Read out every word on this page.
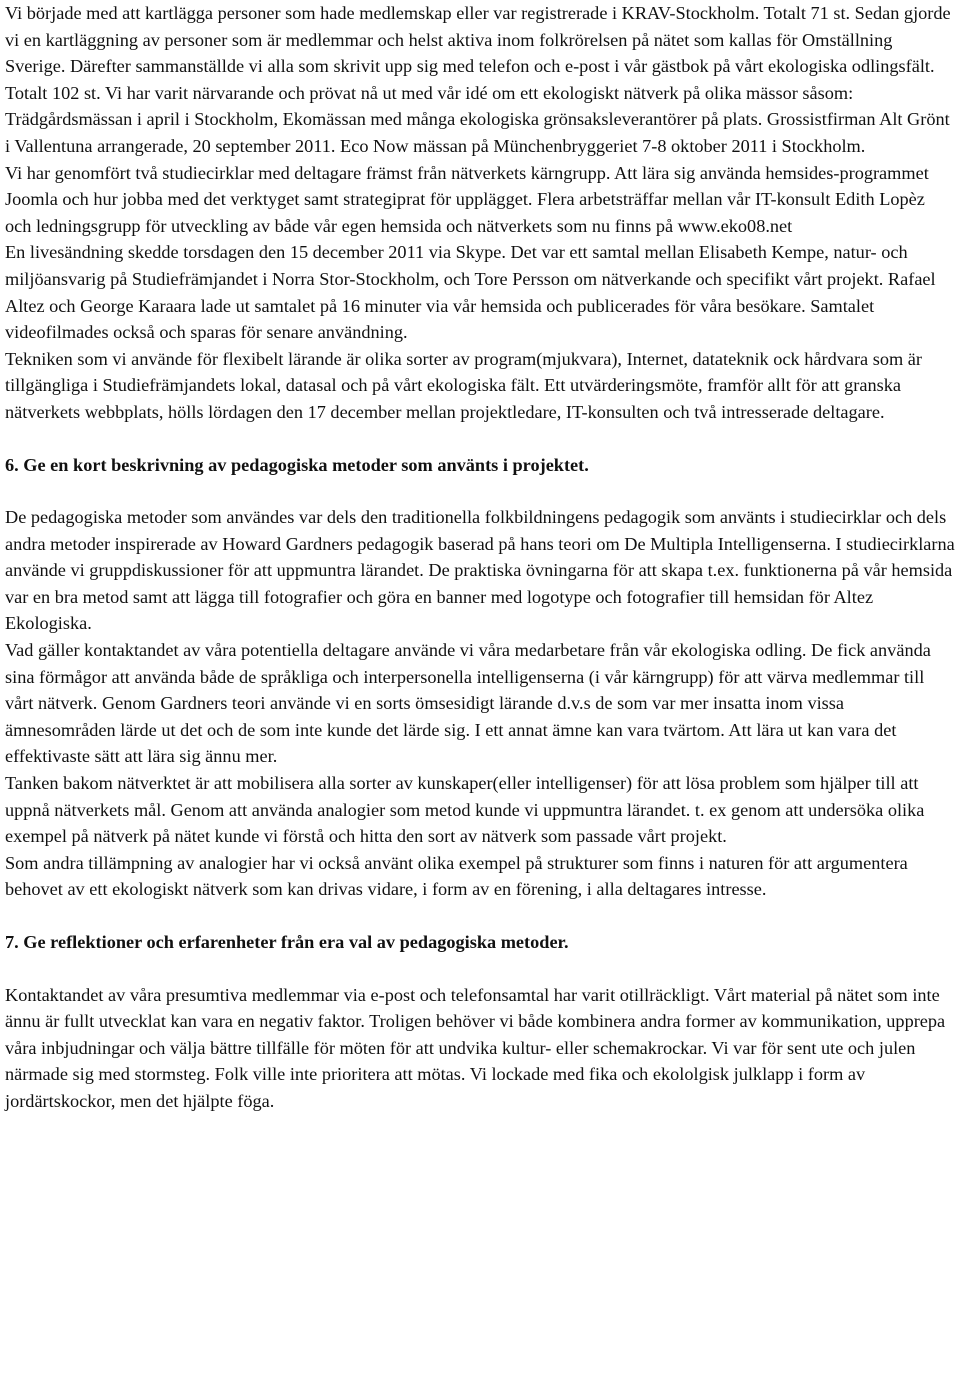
Vi började med att kartlägga personer som hade medlemskap eller var registrerade i KRAV-Stockholm. Totalt 71 st. Sedan gjorde vi en kartläggning av personer som är medlemmar och helst aktiva inom folkrörelsen på nätet som kallas för Omställning Sverige. Därefter sammanställde vi alla som skrivit upp sig med telefon och e-post i vår gästbok på vårt ekologiska odlingsfält. Totalt 102 st. Vi har varit närvarande och prövat nå ut med vår idé om ett ekologiskt nätverk på olika mässor såsom: Trädgårdsmässan i april i Stockholm, Ekomässan med många ekologiska grönsaksleverantörer på plats. Grossistfirman Alt Grönt i Vallentuna arrangerade, 20 september 2011. Eco Now mässan på Münchenbryggeriet 7-8 oktober 2011 i Stockholm.

Vi har genomfört två studiecirklar med deltagare främst från nätverkets kärngrupp. Att lära sig använda hemsides-programmet Joomla och hur jobba med det verktyget samt strategiprat för upplägget. Flera arbetsträffar mellan vår IT-konsult Edith Lopèz och ledningsgrupp för utveckling av både vår egen hemsida och nätverkets som nu finns på www.eko08.net

En livesändning skedde torsdagen den 15 december 2011 via Skype. Det var ett samtal mellan Elisabeth Kempe, natur- och miljöansvarig på Studiefrämjandet i Norra Stor-Stockholm, och Tore Persson om nätverkande och specifikt vårt projekt. Rafael Altez och George Karaara lade ut samtalet på 16 minuter via vår hemsida och publicerades för våra besökare. Samtalet videofilmades också och sparas för senare användning.

Tekniken som vi använde för flexibelt lärande är olika sorter av program(mjukvara), Internet, datateknik ock hårdvara som är tillgängliga i Studiefrämjandets lokal, datasal och på vårt ekologiska fält. Ett utvärderingsmöte, framför allt för att granska nätverkets webbplats, hölls lördagen den 17 december mellan projektledare, IT-konsulten och två intresserade deltagare.

6. Ge en kort beskrivning av pedagogiska metoder som använts i projektet.

De pedagogiska metoder som användes var dels den traditionella folkbildningens pedagogik som använts i studiecirklar och dels andra metoder inspirerade av Howard Gardners pedagogik baserad på hans teori om De Multipla Intelligenserna. I studiecirklarna använde vi gruppdiskussioner för att uppmuntra lärandet. De praktiska övningarna för att skapa t.ex. funktionerna på vår hemsida var en bra metod samt att lägga till fotografier och göra en banner med logotype och fotografier till hemsidan för Altez Ekologiska.

Vad gäller kontaktandet av våra potentiella deltagare använde vi våra medarbetare från vår ekologiska odling. De fick använda sina förmågor att använda både de språkliga och interpersonella intelligenserna (i vår kärngrupp) för att värva medlemmar till vårt nätverk. Genom Gardners teori använde vi en sorts ömsesidigt lärande d.v.s de som var mer insatta inom vissa ämnesområden lärde ut det och de som inte kunde det lärde sig. I ett annat ämne kan vara tvärtom. Att lära ut kan vara det effektivaste sätt att lära sig ännu mer.

Tanken bakom nätverktet är att mobilisera alla sorter av kunskaper(eller intelligenser) för att lösa problem som hjälper till att uppnå nätverkets mål. Genom att använda analogier som metod kunde vi uppmuntra lärandet. t. ex genom att undersöka olika exempel på nätverk på nätet kunde vi förstå och hitta den sort av nätverk som passade vårt projekt.

Som andra tillämpning av analogier har vi också använt olika exempel på strukturer som finns i naturen för att argumentera behovet av ett ekologiskt nätverk som kan drivas vidare, i form av en förening, i alla deltagares intresse.

7. Ge reflektioner och erfarenheter från era val av pedagogiska metoder.

Kontaktandet av våra presumtiva medlemmar via e-post och telefonsamtal har varit otillräckligt. Vårt material på nätet som inte ännu är fullt utvecklat kan vara en negativ faktor. Troligen behöver vi både kombinera andra former av kommunikation, upprepa våra inbjudningar och välja bättre tillfälle för möten för att undvika kultur- eller schemakrockar. Vi var för sent ute och julen närmade sig med stormsteg. Folk ville inte prioritera att mötas. Vi lockade med fika och ekololgisk julklapp i form av jordärtskockor, men det hjälpte föga.
